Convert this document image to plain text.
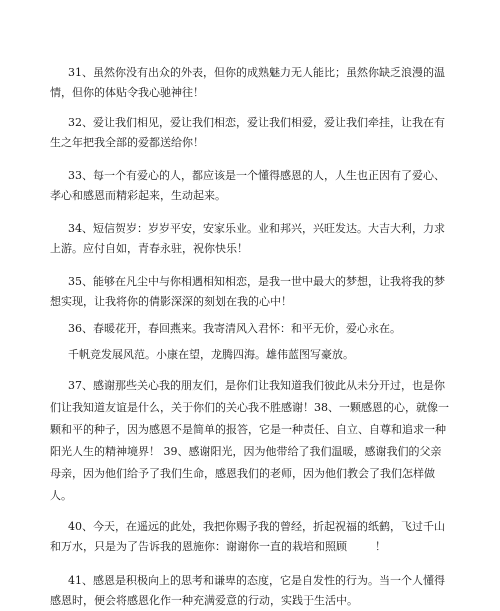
31、虽然你没有出众的外表，但你的成熟魅力无人能比；虽然你缺乏浪漫的温情，但你的体贴令我心驰神往！

32、爱让我们相见，爱让我们相恋，爱让我们相爱，爱让我们牵挂，让我在有生之年把我全部的爱都送给你！

33、每一个有爱心的人，都应该是一个懂得感恩的人，人生也正因有了爱心、孝心和感恩而精彩起来，生动起来。

34、短信贺岁：岁岁平安，安家乐业。业和邦兴，兴旺发达。大吉大利，力求上游。应付自如，青春永驻，祝你快乐！

35、能够在凡尘中与你相遇相知相恋，是我一世中最大的梦想，让我将我的梦想实现，让我将你的倩影深深的刻划在我的心中！

36、春暖花开，春回燕来。我寄清风入君怀：和平无价，爱心永在。

千帆竞发展风范。小康在望，龙腾四海。雄伟蓝图写豪放。

37、感谢那些关心我的朋友们，是你们让我知道我们彼此从未分开过，也是你们让我知道友谊是什么，关于你们的关心我不胜感谢！38、一颗感恩的心，就像一颗和平的种子，因为感恩不是简单的报答，它是一种责任、自立、自尊和追求一种阳光人生的精神境界！ 39、感谢阳光，因为他带给了我们温暖，感谢我们的父亲母亲，因为他们给予了我们生命，感恩我们的老师，因为他们教会了我们怎样做人。

40、今天，在遥远的此处，我把你赐予我的曾经，折起祝福的纸鹤，飞过千山和万水，只是为了告诉我的恩施你：谢谢你一直的栽培和照顾        ！

41、感恩是积极向上的思考和谦卑的态度，它是自发性的行为。当一个人懂得感恩时，便会将感恩化作一种充满爱意的行动，实践于生活中。
